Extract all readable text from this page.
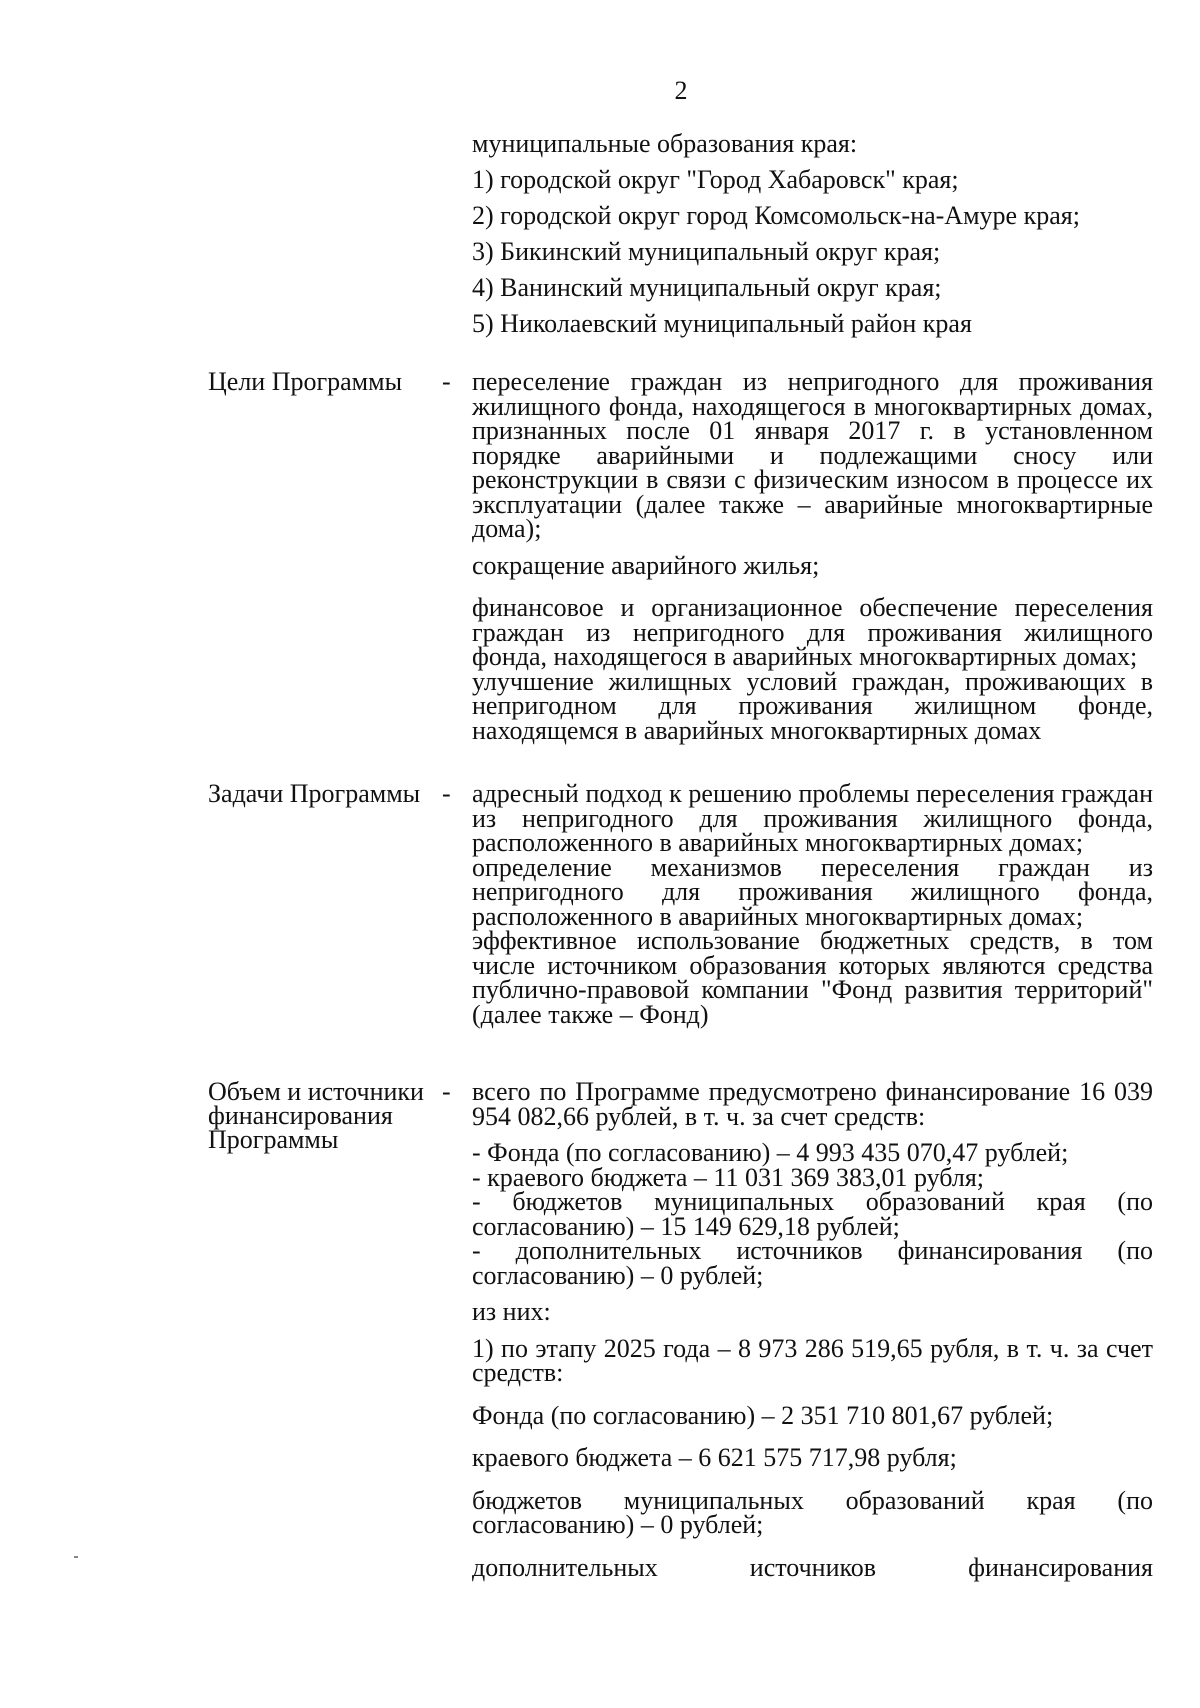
2

муниципальные образования края:

1) городской округ "Город Хабаровск" края;

2) городской округ город Комсомольск-на-Амуре края;

3) Бикинский муниципальный округ края;

4) Ванинский муниципальный округ края;

5) Николаевский муниципальный район края

Цели Программы	- переселение граждан из непригодного для проживания жилищного фонда, находящегося в многоквартирных домах, признанных после 01 января 2017 г. в установленном порядке аварийными и подлежащими сносу или реконструкции в связи с физическим износом в процессе их эксплуатации (далее также – аварийные многоквартирные дома);

сокращение аварийного жилья;

финансовое и организационное обеспечение переселения граждан из непригодного для проживания жилищного фонда, находящегося в аварийных многоквартирных домах;

улучшение жилищных условий граждан, проживающих в непригодном для проживания жилищном фонде, находящемся в аварийных многоквартирных домах

Задачи Программы - адресный подход к решению проблемы переселения граждан из непригодного для проживания жилищного фонда, расположенного в аварийных многоквартирных домах;

определение механизмов переселения граждан из непригодного для проживания жилищного фонда, расположенного в аварийных многоквартирных домах;

эффективное использование бюджетных средств, в том числе источником образования которых являются средства публично-правовой компании "Фонд развития территорий" (далее также – Фонд)

Объем и источники финансирования Программы
- всего по Программе предусмотрено финансирование 16 039 954 082,66 рублей, в т. ч. за счет средств:

- Фонда (по согласованию) – 4 993 435 070,47 рублей;

- краевого бюджета – 11 031 369 383,01 рубля;

- бюджетов муниципальных образований края (по согласованию) – 15 149 629,18 рублей;

- дополнительных источников финансирования (по согласованию) – 0 рублей;

из них:

1) по этапу 2025 года – 8 973 286 519,65 рубля, в т. ч. за счет средств:

Фонда (по согласованию) – 2 351 710 801,67 рублей;

краевого бюджета – 6 621 575 717,98 рубля;

бюджетов муниципальных образований края (по согласованию) – 0 рублей;

дополнительных источников финансирования
